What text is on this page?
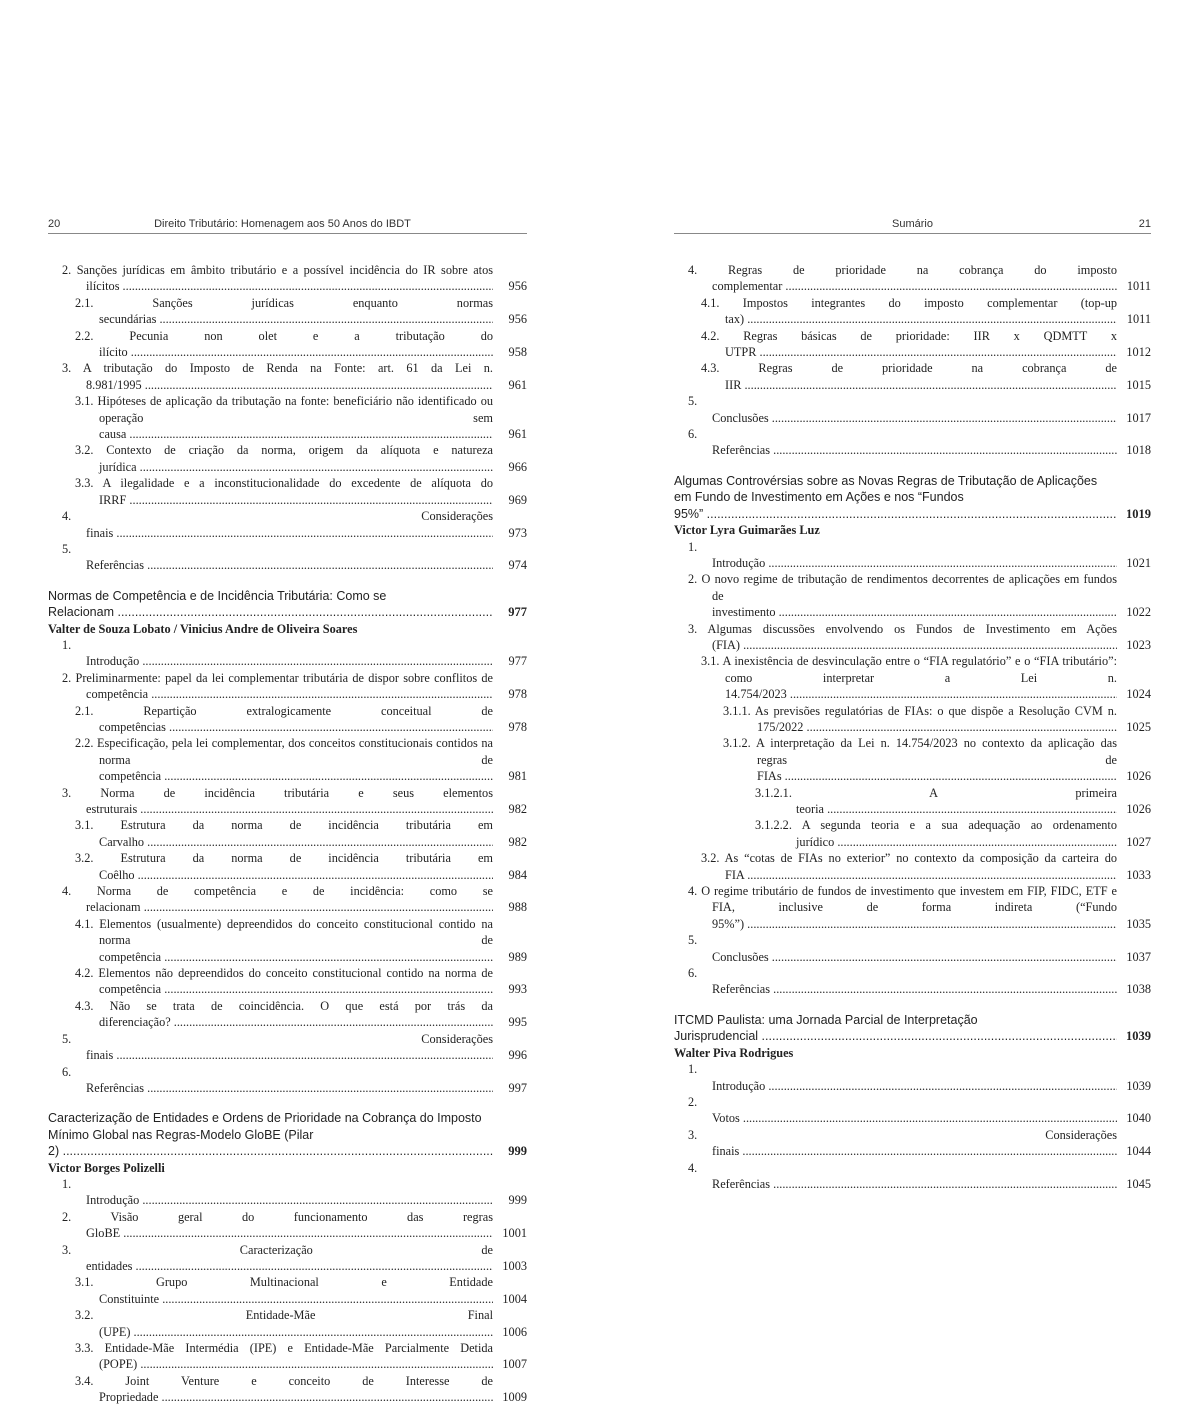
20	Direito Tributário: Homenagem aos 50 Anos do IBDT
2. Sanções jurídicas em âmbito tributário e a possível incidência do IR sobre atos ilícitos .....	956
2.1. Sanções jurídicas enquanto normas secundárias .....	956
2.2. Pecunia non olet e a tributação do ilícito .....	958
3. A tributação do Imposto de Renda na Fonte: art. 61 da Lei n. 8.981/1995 .....	961
3.1. Hipóteses de aplicação da tributação na fonte: beneficiário não identificado ou operação sem causa .....	961
3.2. Contexto de criação da norma, origem da alíquota e natureza jurídica .....	966
3.3. A ilegalidade e a inconstitucionalidade do excedente de alíquota do IRRF .....	969
4. Considerações finais .....	973
5. Referências .....	974
Normas de Competência e de Incidência Tributária: Como se Relacionam .....	977
Valter de Souza Lobato / Vinicius Andre de Oliveira Soares
1. Introdução .....	977
2. Preliminarmente: papel da lei complementar tributária de dispor sobre conflitos de competência .....	978
2.1. Repartição extralogicamente conceitual de competências .....	978
2.2. Especificação, pela lei complementar, dos conceitos constitucionais contidos na norma de competência .....	981
3. Norma de incidência tributária e seus elementos estruturais .....	982
3.1. Estrutura da norma de incidência tributária em Carvalho .....	982
3.2. Estrutura da norma de incidência tributária em Coêlho .....	984
4. Norma de competência e de incidência: como se relacionam .....	988
4.1. Elementos (usualmente) depreendidos do conceito constitucional contido na norma de competência .....	989
4.2. Elementos não depreendidos do conceito constitucional contido na norma de competência .....	993
4.3. Não se trata de coincidência. O que está por trás da diferenciação? .....	995
5. Considerações finais .....	996
6. Referências .....	997
Caracterização de Entidades e Ordens de Prioridade na Cobrança do Imposto Mínimo Global nas Regras-Modelo GloBE (Pilar 2) .....	999
Victor Borges Polizelli
1. Introdução .....	999
2. Visão geral do funcionamento das regras GloBE .....	1001
3. Caracterização de entidades .....	1003
3.1. Grupo Multinacional e Entidade Constituinte .....	1004
3.2. Entidade-Mãe Final (UPE) .....	1006
3.3. Entidade-Mãe Intermédia (IPE) e Entidade-Mãe Parcialmente Detida (POPE) .....	1007
3.4. Joint Venture e conceito de Interesse de Propriedade .....	1009
Sumário	21
4. Regras de prioridade na cobrança do imposto complementar .....	1011
4.1. Impostos integrantes do imposto complementar (top-up tax) .....	1011
4.2. Regras básicas de prioridade: IIR x QDMTT x UTPR .....	1012
4.3. Regras de prioridade na cobrança de IIR .....	1015
5. Conclusões .....	1017
6. Referências .....	1018
Algumas Controvérsias sobre as Novas Regras de Tributação de Aplicações em Fundo de Investimento em Ações e nos “Fundos 95%” .....	1019
Victor Lyra Guimarães Luz
1. Introdução .....	1021
2. O novo regime de tributação de rendimentos decorrentes de aplicações em fundos de investimento .....	1022
3. Algumas discussões envolvendo os Fundos de Investimento em Ações (FIA) .....	1023
3.1. A inexistência de desvinculação entre o “FIA regulatório” e o “FIA tributário”: como interpretar a Lei n. 14.754/2023 .....	1024
3.1.1. As previsões regulatórias de FIAs: o que dispõe a Resolução CVM n. 175/2022 .....	1025
3.1.2. A interpretação da Lei n. 14.754/2023 no contexto da aplicação das regras de FIAs .....	1026
3.1.2.1. A primeira teoria .....	1026
3.1.2.2. A segunda teoria e a sua adequação ao ordenamento jurídico .....	1027
3.2. As “cotas de FIAs no exterior” no contexto da composição da carteira do FIA .....	1033
4. O regime tributário de fundos de investimento que investem em FIP, FIDC, ETF e FIA, inclusive de forma indireta (“Fundo 95%”) .....	1035
5. Conclusões .....	1037
6. Referências .....	1038
ITCMD Paulista: uma Jornada Parcial de Interpretação Jurisprudencial .....	1039
Walter Piva Rodrigues
1. Introdução .....	1039
2. Votos .....	1040
3. Considerações finais .....	1044
4. Referências .....	1045
